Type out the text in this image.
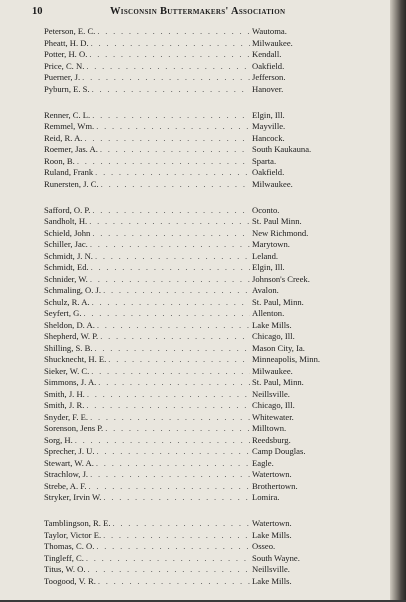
10	Wisconsin Buttermakers' Association
Peterson, E. C. . . .	Wautoma.
Pheatt, H. D. . . .	Milwaukee.
Potter, H. O. . . .	Kendall.
Price, C. N. . . .	Oakfield.
Puerner, J. . . .	Jefferson.
Pyburn, E. S. . . .	Hanover.
Renner, C. L. . . .	Elgin, Ill.
Remmel, Wm. . . .	Mayville.
Reid, R. A. . . .	Hancock.
Roemer, Jas. A. . . .	South Kaukauna.
Roon, B. . . .	Sparta.
Ruland, Frank . . .	Oakfield.
Runersten, J. C. . . .	Milwaukee.
Safford, O. P. . . .	Oconto.
Sandholt, H. . . .	St. Paul Minn.
Schield, John . . .	New Richmond.
Schiller, Jac. . . .	Marytown.
Schmidt, J. N. . . .	Leland.
Schmidt, Ed. . . .	Elgin, Ill.
Schnider, W. . . .	Johnson's Creek.
Schmaling, O. J. . . .	Avalon.
Schulz, R. A. . . .	St. Paul, Minn.
Seyfert, G. . . .	Allenton.
Sheldon, D. A. . . .	Lake Mills.
Shepherd, W. P. . . .	Chicago, Ill.
Shilling, S. B. . . .	Mason City, Ia.
Shucknecht, H. E. . . .	Minneapolis, Minn.
Sieker, W. C. . . .	Milwaukee.
Simmons, J. A. . . .	St. Paul, Minn.
Smith, J. H. . . .	Neillsville.
Smith, J. R. . . .	Chicago, Ill.
Snyder, F. E. . . .	Whitewater.
Sorenson, Jens P. . . .	Milltown.
Sorg, H. . . .	Reedsburg.
Sprecher, J. U. . . .	Camp Douglas.
Stewart, W. A. . . .	Eagle.
Strachlow, J. . . .	Watertown.
Strebe, A. F. . . .	Brothertown.
Stryker, Irvin W. . . .	Lomira.
Tamblingson, R. E. . . .	Watertown.
Taylor, Victor E. . . .	Lake Mills.
Thomas, C. O. . . .	Osseo.
Tingleff, C. . . .	South Wayne.
Titus, W. O. . . .	Neillsville.
Toogood, V. R. . . .	Lake Mills.
